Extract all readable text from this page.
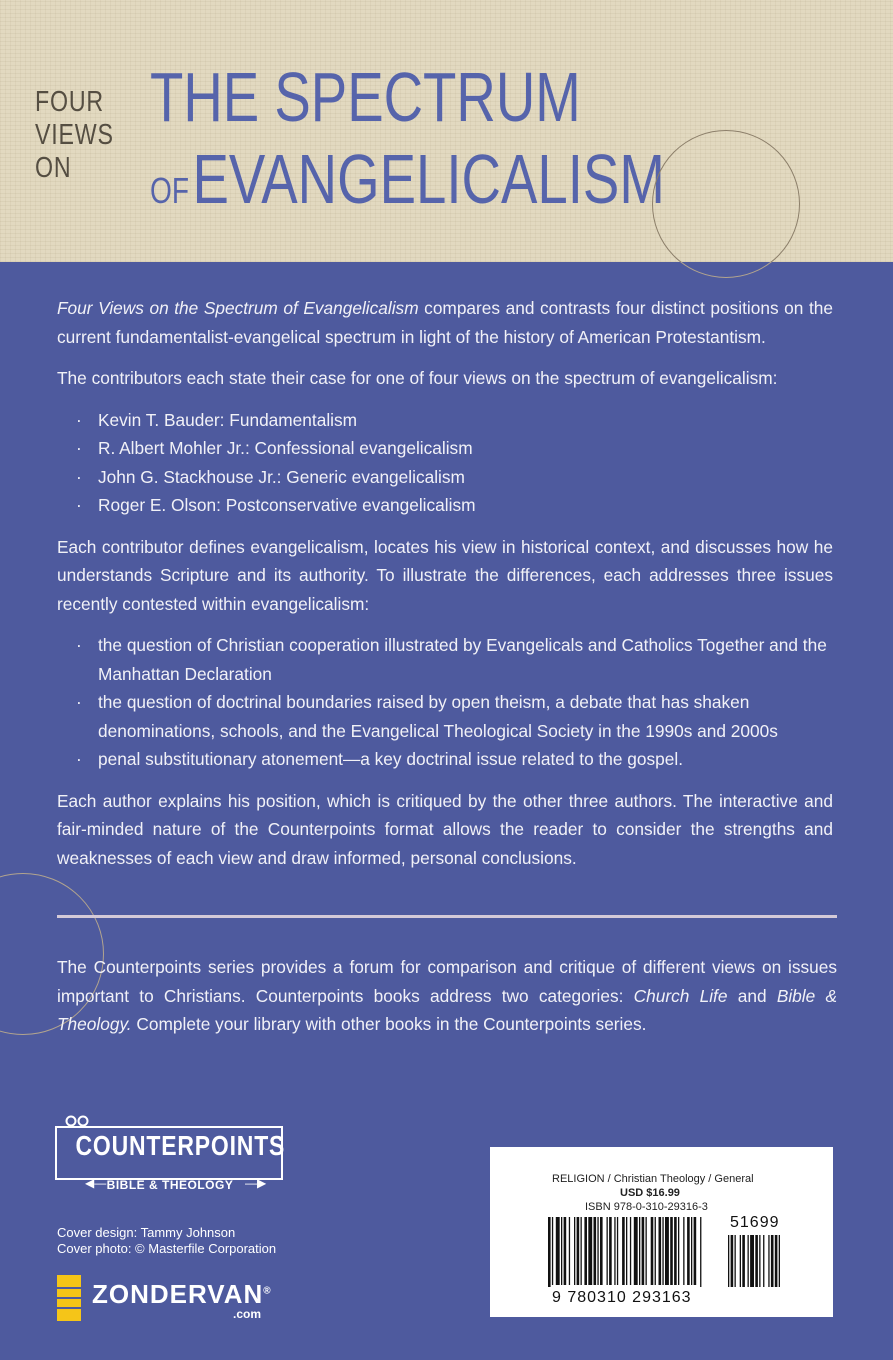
FOUR
VIEWS
ON
THE SPECTRUM
OF EVANGELICALISM

Four Views on the Spectrum of Evangelicalism compares and contrasts four distinct positions on the current fundamentalist-evangelical spectrum in light of the history of American Protestantism.

The contributors each state their case for one of four views on the spectrum of evangelicalism:

· Kevin T. Bauder: Fundamentalism
· R. Albert Mohler Jr.: Confessional evangelicalism
· John G. Stackhouse Jr.: Generic evangelicalism
· Roger E. Olson: Postconservative evangelicalism

Each contributor defines evangelicalism, locates his view in historical context, and discusses how he understands Scripture and its authority. To illustrate the differences, each addresses three issues recently contested within evangelicalism:

· the question of Christian cooperation illustrated by Evangelicals and Catholics Together and the Manhattan Declaration
· the question of doctrinal boundaries raised by open theism, a debate that has shaken denominations, schools, and the Evangelical Theological Society in the 1990s and 2000s
· penal substitutionary atonement—a key doctrinal issue related to the gospel.

Each author explains his position, which is critiqued by the other three authors. The interactive and fair-minded nature of the Counterpoints format allows the reader to consider the strengths and weaknesses of each view and draw informed, personal conclusions.

The Counterpoints series provides a forum for comparison and critique of different views on issues important to Christians. Counterpoints books address two categories: Church Life and Bible & Theology. Complete your library with other books in the Counterpoints series.

COUNTERPOINTS
◀— BIBLE & THEOLOGY —▶
Cover design: Tammy Johnson
Cover photo: © Masterfile Corporation
ZONDERVAN®
.com
RELIGION / Christian Theology / General
USD $16.99
ISBN 978-0-310-29316-3
51699
9 780310 293163
